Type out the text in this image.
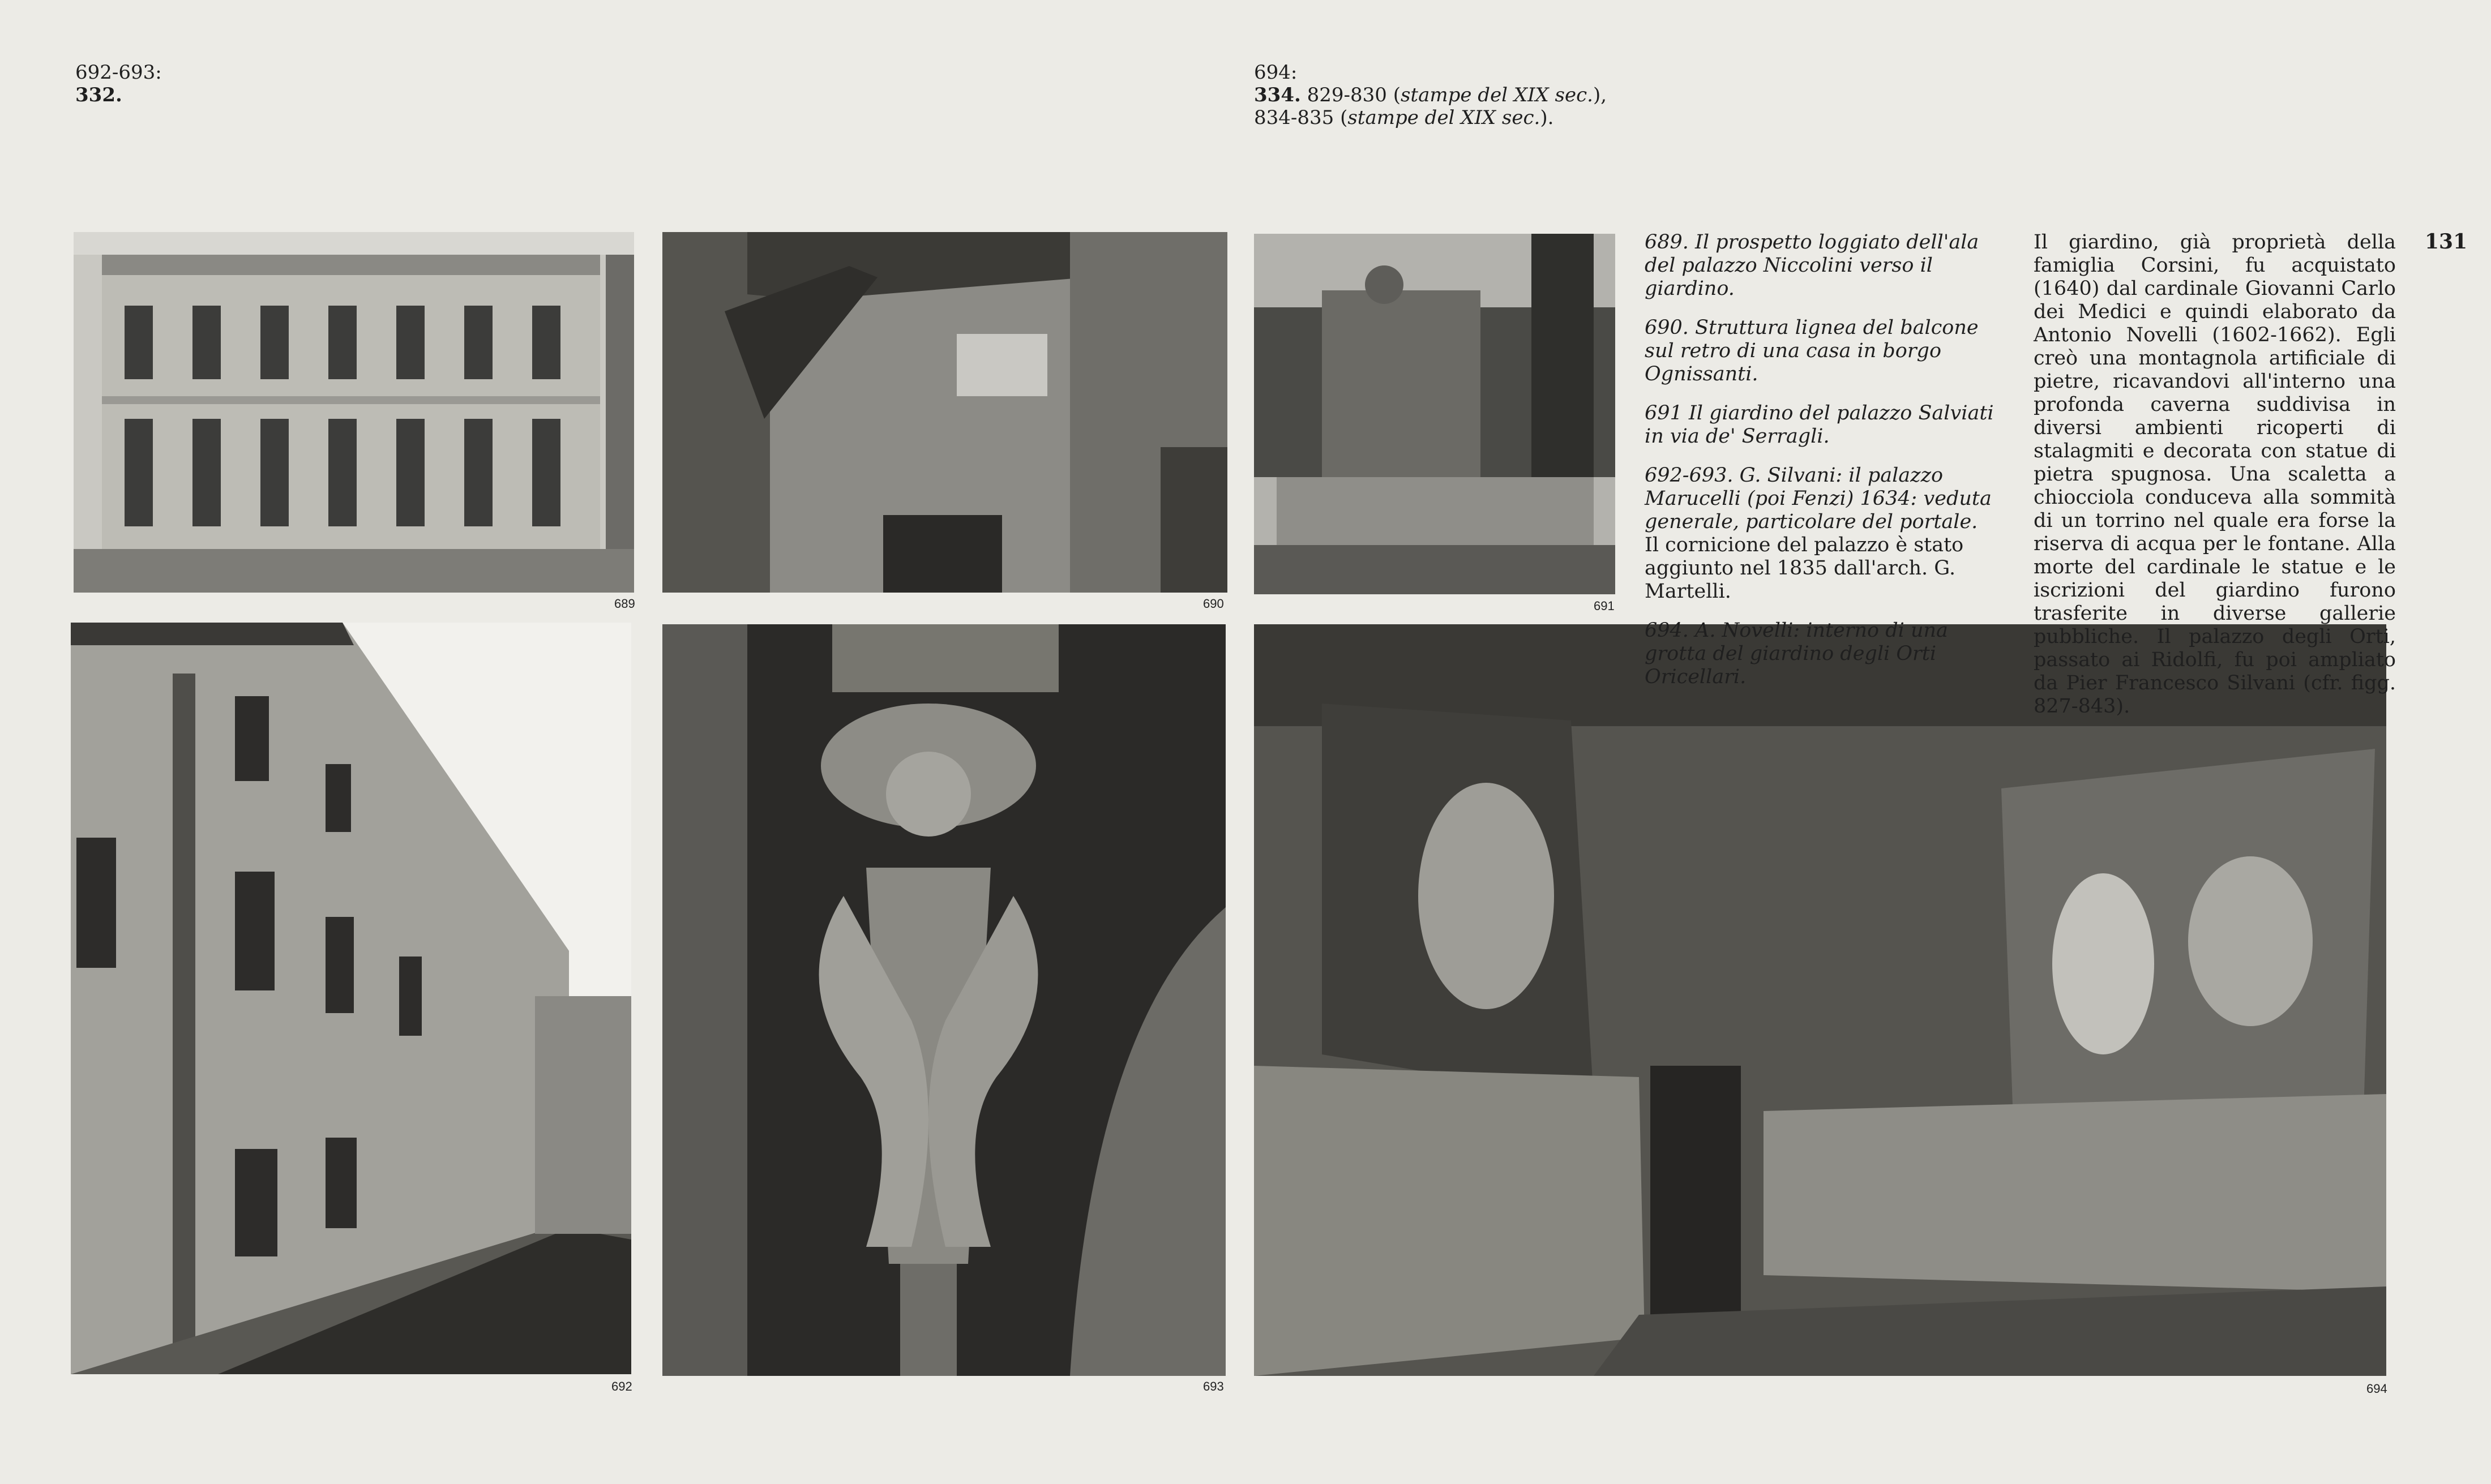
692-693:
332.
694:
334. 829-830 (stampe del XIX sec.),
834-835 (stampe del XIX sec.).
689	690	691
692	693	694

689. Il prospetto loggiato dell'ala del palazzo Niccolini verso il giardino.

690. Struttura lignea del balcone sul retro di una casa in borgo Ognissanti.

691 Il giardino del palazzo Salviati in via de' Serragli.

692-693. G. Silvani: il palazzo Marucelli (poi Fenzi) 1634: veduta generale, particolare del portale.

Il cornicione del palazzo è stato aggiunto nel 1835 dall'arch. G. Martelli.

694. A. Novelli: interno di una grotta del giardino degli Orti Oricellari.

Il giardino, già proprietà della famiglia Corsini, fu acquistato (1640) dal cardinale Giovanni Carlo dei Medici e quindi elaborato da Antonio Novelli (1602-1662). Egli creò una montagnola artificiale di pietre, ricavandovi all'interno una profonda caverna suddivisa in diversi ambienti ricoperti di stalagmiti e decorata con statue di pietra spugnosa. Una scaletta a chiocciola conduceva alla sommità di un torrino nel quale era forse la riserva di acqua per le fontane. Alla morte del cardinale le statue e le iscrizioni del giardino furono trasferite in diverse gallerie pubbliche. Il palazzo degli Orti, passato ai Ridolfi, fu poi ampliato da Pier Francesco Silvani (cfr. figg. 827-843).
131
